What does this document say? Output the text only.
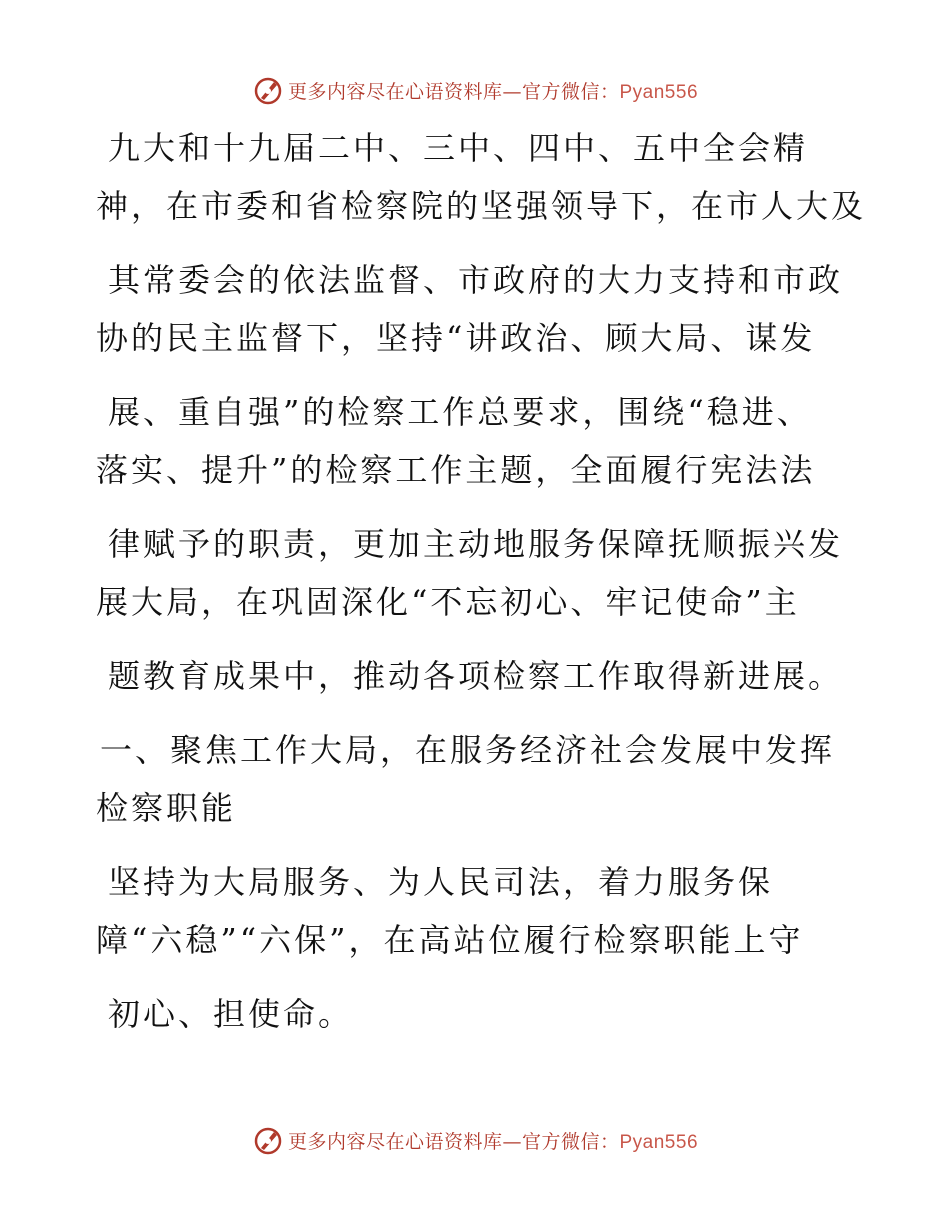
更多内容尽在心语资料库—官方微信：Pyan556
九大和十九届二中、三中、四中、五中全会精
神，在市委和省检察院的坚强领导下，在市人大及
其常委会的依法监督、市政府的大力支持和市政
协的民主监督下，坚持“讲政治、顾大局、谋发
展、重自强”的检察工作总要求，围绕“稳进、
落实、提升”的检察工作主题，全面履行宪法法
律赋予的职责，更加主动地服务保障抚顺振兴发
展大局，在巩固深化“不忘初心、牢记使命”主
题教育成果中，推动各项检察工作取得新进展。
一、聚焦工作大局，在服务经济社会发展中发挥
检察职能
坚持为大局服务、为人民司法，着力服务保
障“六稳”“六保”，在高站位履行检察职能上守
初心、担使命。
更多内容尽在心语资料库—官方微信：Pyan556
